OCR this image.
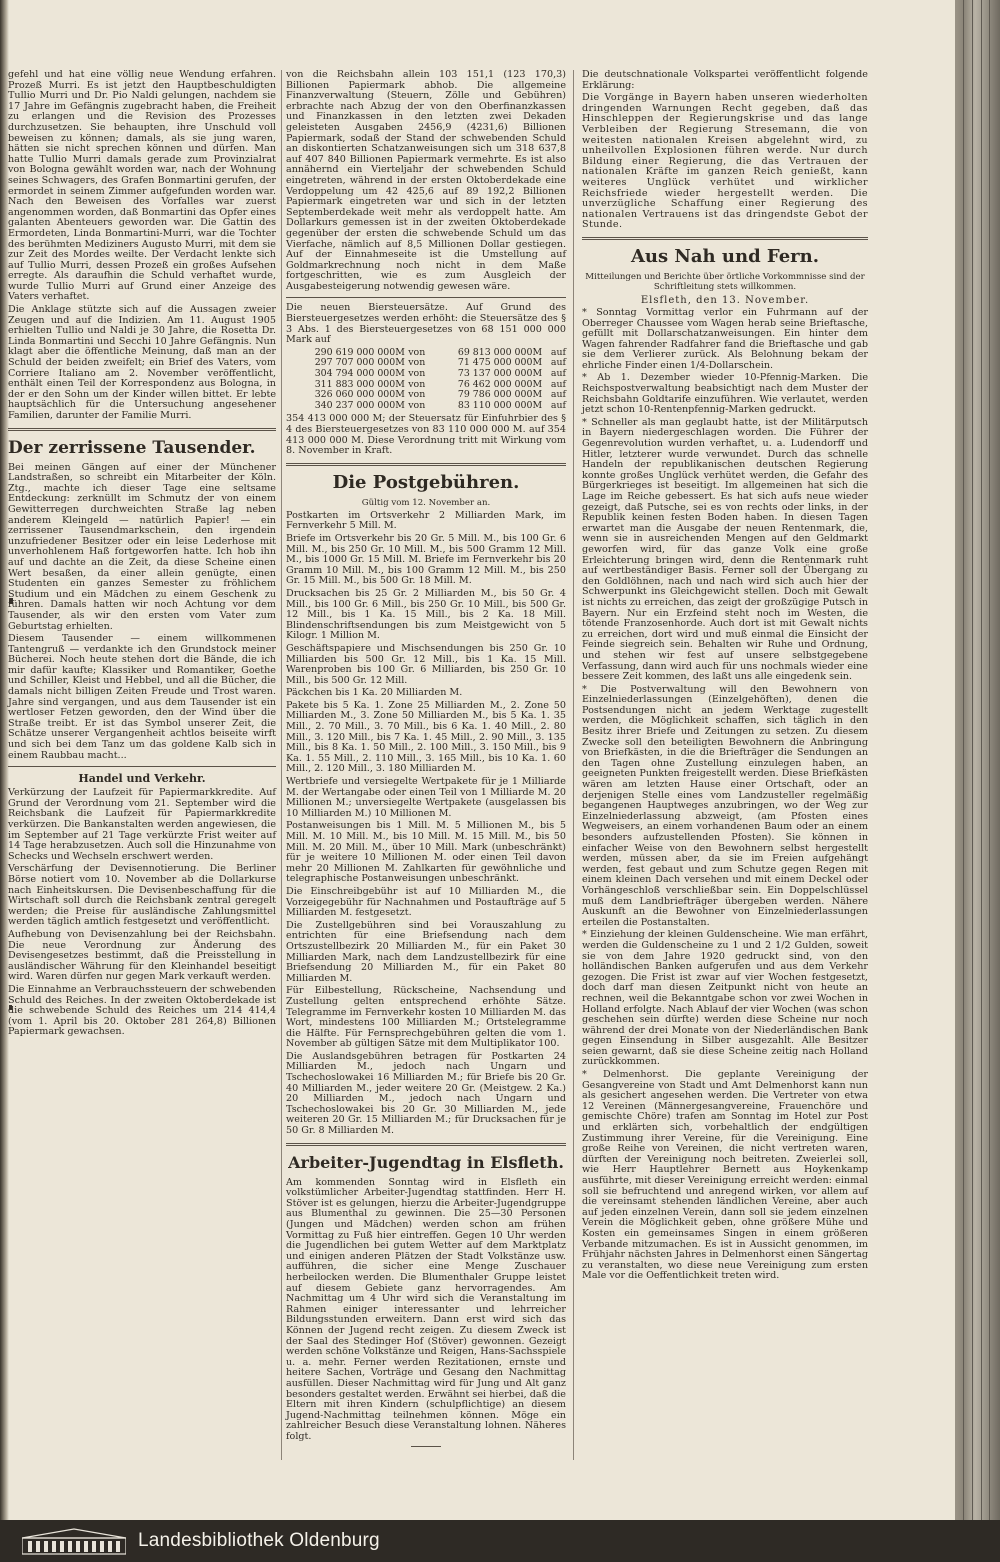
gefehl und hat eine völlig neue Wendung erfahren. Prozeß Murri. Es ist jetzt den Hauptbeschuldigten Tullio Murri und Dr. Pio Naldi gelungen, nachdem sie 17 Jahre im Gefängnis zugebracht haben, die Freiheit zu erlangen und die Revision des Prozesses durchzusetzen. Sie behaupten, ihre Unschuld voll beweisen zu können; damals, als sie jung waren, hätten sie nicht sprechen können und dürfen. Man hatte Tullio Murri damals gerade zum Provinzialrat von Bologna gewählt worden war, nach der Wohnung seines Schwagers, des Grafen Bonmartini gerufen, der ermordet in seinem Zimmer aufgefunden worden war. Nach den Beweisen des Vorfalles war zuerst angenommen worden, daß Bonmartini das Opfer eines galanten Abenteuers geworden war. Die Gattin des Ermordeten, Linda Bonmartini-Murri, war die Tochter des berühmten Mediziners Augusto Murri, mit dem sie zur Zeit des Mordes weilte. Der Verdacht lenkte sich auf Tullio Murri, dessen Prozeß ein großes Aufsehen erregte. Als daraufhin die Schuld verhaftet wurde, wurde Tullio Murri auf Grund einer Anzeige des Vaters verhaftet.

Die Anklage stützte sich auf die Aussagen zweier Zeugen und auf die Indizien. Am 11. August 1905 erhielten Tullio und Naldi je 30 Jahre, die Rosetta Dr. Linda Bonmartini und Secchi 10 Jahre Gefängnis. Nun klagt aber die öffentliche Meinung, daß man an der Schuld der beiden zweifelt; ein Brief des Vaters, vom Corriere Italiano am 2. November veröffentlicht, enthält einen Teil der Korrespondenz aus Bologna, in der er den Sohn um der Kinder willen bittet. Er lebte hauptsächlich für die Untersuchung angesehener Familien, darunter der Familie Murri.

Der zerrissene Tausender.

Bei meinen Gängen auf einer der Münchener Landstraßen, so schreibt ein Mitarbeiter der Köln. Ztg., machte ich dieser Tage eine seltsame Entdeckung: zerknüllt im Schmutz der von einem Gewitterregen durchweichten Straße lag neben anderem Kleingeld — natürlich Papier! — ein zerrissener Tausendmarkschein, den irgendein unzufriedener Besitzer oder ein leise Lederhose mit unverhohlenem Haß fortgeworfen hatte. Ich hob ihn auf und dachte an die Zeit, da diese Scheine einen Wert besaßen, da einer allein genügte, einen Studenten ein ganzes Semester zu fröhlichem Studium und ein Mädchen zu einem Geschenk zu führen. Damals hatten wir noch Achtung vor dem Tausender, als wir den ersten vom Vater zum Geburtstag erhielten.

Diesem Tausender — einem willkommenen Tantengruß — verdankte ich den Grundstock meiner Bücherei. Noch heute stehen dort die Bände, die ich mir dafür kaufte; Klassiker und Romantiker, Goethe und Schiller, Kleist und Hebbel, und all die Bücher, die damals nicht billigen Zeiten Freude und Trost waren. Jahre sind vergangen, und aus dem Tausender ist ein wertloser Fetzen geworden, den der Wind über die Straße treibt. Er ist das Symbol unserer Zeit, die Schätze unserer Vergangenheit achtlos beiseite wirft und sich bei dem Tanz um das goldene Kalb sich in einem Raubbau macht...

Handel und Verkehr.

Verkürzung der Laufzeit für Papiermarkkredite. Auf Grund der Verordnung vom 21. September wird die Reichsbank die Laufzeit für Papiermarkkredite verkürzen. Die Bankanstalten werden angewiesen, die im September auf 21 Tage verkürzte Frist weiter auf 14 Tage herabzusetzen. Auch soll die Hinzunahme von Schecks und Wechseln erschwert werden.

Verschärfung der Devisennotierung. Die Berliner Börse notiert vom 10. November ab die Dollarkurse nach Einheitskursen. Die Devisenbeschaffung für die Wirtschaft soll durch die Reichsbank zentral geregelt werden; die Preise für ausländische Zahlungsmittel werden täglich amtlich festgesetzt und veröffentlicht.

Aufhebung von Devisenzahlung bei der Reichsbahn. Die neue Verordnung zur Änderung des Devisengesetzes bestimmt, daß die Preisstellung in ausländischer Währung für den Kleinhandel beseitigt wird. Waren dürfen nur gegen Mark verkauft werden.

Die Einnahme an Verbrauchssteuern der schwebenden Schuld des Reiches. In der zweiten Oktoberdekade ist die schwebende Schuld des Reiches um 214 414,4 (vom 1. April bis 20. Oktober 281 264,8) Billionen Papiermark gewachsen.

von die Reichsbahn allein 103 151,1 (123 170,3) Billionen Papiermark abhob. Die allgemeine Finanzverwaltung (Steuern, Zölle und Gebühren) erbrachte nach Abzug der von den Oberfinanzkassen und Finanzkassen in den letzten zwei Dekaden geleisteten Ausgaben 2456,9 (4231,6) Billionen Papiermark, sodaß der Stand der schwebenden Schuld an diskontierten Schatzanweisungen sich um 318 637,8 auf 407 840 Billionen Papiermark vermehrte. Es ist also annähernd ein Vierteljahr der schwebenden Schuld eingetreten, während in der ersten Oktoberdekade eine Verdoppelung um 42 425,6 auf 89 192,2 Billionen Papiermark eingetreten war und sich in der letzten Septemberdekade weit mehr als verdoppelt hatte. Am Dollarkurs gemessen ist in der zweiten Oktoberdekade gegenüber der ersten die schwebende Schuld um das Vierfache, nämlich auf 8,5 Millionen Dollar gestiegen. Auf der Einnahmeseite ist die Umstellung auf Goldmarkrechnung noch nicht in dem Maße fortgeschritten, wie es zum Ausgleich der Ausgabesteigerung notwendig gewesen wäre.

Die neuen Biersteuersätze. Auf Grund des Biersteuergesetzes werden erhöht: die Steuersätze des § 3 Abs. 1 des Biersteuergesetzes von 68 151 000 000 Mark auf

290 619 000 000	M	von	69 813 000 000	M	auf
297 707 000 000	M	von	71 475 000 000	M	auf
304 794 000 000	M	von	73 137 000 000	M	auf
311 883 000 000	M	von	76 462 000 000	M	auf
326 060 000 000	M	von	79 786 000 000	M	auf
340 237 000 000	M	von	83 110 000 000	M	auf

354 413 000 000 M; der Steuersatz für Einfuhrbier des § 4 des Biersteuergesetzes von 83 110 000 000 M. auf 354 413 000 000 M. Diese Verordnung tritt mit Wirkung vom 8. November in Kraft.

Die Postgebühren.
Gültig vom 12. November an.

Postkarten im Ortsverkehr 2 Milliarden Mark, im Fernverkehr 5 Mill. M.

Briefe im Ortsverkehr bis 20 Gr. 5 Mill. M., bis 100 Gr. 6 Mill. M., bis 250 Gr. 10 Mill. M., bis 500 Gramm 12 Mill. M., bis 1000 Gr. 15 Mill. M. Briefe im Fernverkehr bis 20 Gramm 10 Mill. M., bis 100 Gramm 12 Mill. M., bis 250 Gr. 15 Mill. M., bis 500 Gr. 18 Mill. M.

Drucksachen bis 25 Gr. 2 Milliarden M., bis 50 Gr. 4 Mill., bis 100 Gr. 6 Mill., bis 250 Gr. 10 Mill., bis 500 Gr. 12 Mill., bis 1 Ka. 15 Mill., bis 2 Ka. 18 Mill. Blindenschriftsendungen bis zum Meistgewicht von 5 Kilogr. 1 Million M.

Geschäftspapiere und Mischsendungen bis 250 Gr. 10 Milliarden bis 500 Gr. 12 Mill., bis 1 Ka. 15 Mill. Warenproben bis 100 Gr. 6 Milliarden, bis 250 Gr. 10 Mill., bis 500 Gr. 12 Mill.

Päckchen bis 1 Ka. 20 Milliarden M.

Pakete bis 5 Ka. 1. Zone 25 Milliarden M., 2. Zone 50 Milliarden M., 3. Zone 50 Milliarden M., bis 5 Ka. 1. 35 Mill., 2. 70 Mill., 3. 70 Mill., bis 6 Ka. 1. 40 Mill., 2. 80 Mill., 3. 120 Mill., bis 7 Ka. 1. 45 Mill., 2. 90 Mill., 3. 135 Mill., bis 8 Ka. 1. 50 Mill., 2. 100 Mill., 3. 150 Mill., bis 9 Ka. 1. 55 Mill., 2. 110 Mill., 3. 165 Mill., bis 10 Ka. 1. 60 Mill., 2. 120 Mill., 3. 180 Milliarden M.

Wertbriefe und versiegelte Wertpakete für je 1 Milliarde M. der Wertangabe oder einen Teil von 1 Milliarde M. 20 Millionen M.; unversiegelte Wertpakete (ausgelassen bis 10 Milliarden M.) 10 Millionen M.

Postanweisungen bis 1 Mill. M. 5 Millionen M., bis 5 Mill. M. 10 Mill. M., bis 10 Mill. M. 15 Mill. M., bis 50 Mill. M. 20 Mill. M., über 10 Mill. Mark (unbeschränkt) für je weitere 10 Millionen M. oder einen Teil davon mehr 20 Millionen M. Zahlkarten für gewöhnliche und telegraphische Postanweisungen unbeschränkt.

Die Einschreibgebühr ist auf 10 Milliarden M., die Vorzeigegebühr für Nachnahmen und Postaufträge auf 5 Milliarden M. festgesetzt.

Die Zustellgebühren sind bei Vorauszahlung zu entrichten für eine Briefsendung nach dem Ortszustellbezirk 20 Milliarden M., für ein Paket 30 Milliarden Mark, nach dem Landzustellbezirk für eine Briefsendung 20 Milliarden M., für ein Paket 80 Milliarden M.

Für Eilbestellung, Rückscheine, Nachsendung und Zustellung gelten entsprechend erhöhte Sätze. Telegramme im Fernverkehr kosten 10 Milliarden M. das Wort, mindestens 100 Milliarden M.; Ortstelegramme die Hälfte. Für Fernsprechgebühren gelten die vom 1. November ab gültigen Sätze mit dem Multiplikator 100.

Die Auslandsgebühren betragen für Postkarten 24 Milliarden M., jedoch nach Ungarn und Tschechoslowakei 16 Milliarden M.; für Briefe bis 20 Gr. 40 Milliarden M., jeder weitere 20 Gr. (Meistgew. 2 Ka.) 20 Milliarden M., jedoch nach Ungarn und Tschechoslowakei bis 20 Gr. 30 Milliarden M., jede weiteren 20 Gr. 15 Milliarden M.; für Drucksachen für je 50 Gr. 8 Milliarden M.

Arbeiter-Jugendtag in Elsfleth.

Am kommenden Sonntag wird in Elsfleth ein volkstümlicher Arbeiter-Jugendtag stattfinden. Herr H. Stöver ist es gelungen, hierzu die Arbeiter-Jugendgruppe aus Blumenthal zu gewinnen. Die 25—30 Personen (Jungen und Mädchen) werden schon am frühen Vormittag zu Fuß hier eintreffen. Gegen 10 Uhr werden die Jugendlichen bei gutem Wetter auf dem Marktplatz und einigen anderen Plätzen der Stadt Volkstänze usw. aufführen, die sicher eine Menge Zuschauer herbeilocken werden. Die Blumenthaler Gruppe leistet auf diesem Gebiete ganz hervorragendes. Am Nachmittag um 4 Uhr wird sich die Veranstaltung im Rahmen einiger interessanter und lehrreicher Bildungsstunden erweitern. Dann erst wird sich das Können der Jugend recht zeigen. Zu diesem Zweck ist der Saal des Stedinger Hof (Stöver) gewonnen. Gezeigt werden schöne Volkstänze und Reigen, Hans-Sachsspiele u. a. mehr. Ferner werden Rezitationen, ernste und heitere Sachen, Vorträge und Gesang den Nachmittag ausfüllen. Dieser Nachmittag wird für Jung und Alt ganz besonders gestaltet werden. Erwähnt sei hierbei, daß die Eltern mit ihren Kindern (schulpflichtige) an diesem Jugend-Nachmittag teilnehmen können. Möge ein zahlreicher Besuch diese Veranstaltung lohnen. Näheres folgt.

Die deutschnationale Volkspartei veröffentlicht folgende Erklärung:

Die Vorgänge in Bayern haben unseren wiederholten dringenden Warnungen Recht gegeben, daß das Hinschleppen der Regierungskrise und das lange Verbleiben der Regierung Stresemann, die von weitesten nationalen Kreisen abgelehnt wird, zu unheilvollen Explosionen führen werde. Nur durch Bildung einer Regierung, die das Vertrauen der nationalen Kräfte im ganzen Reich genießt, kann weiteres Unglück verhütet und wirklicher Reichsfriede wieder hergestellt werden. Die unverzügliche Schaffung einer Regierung des nationalen Vertrauens ist das dringendste Gebot der Stunde.

Aus Nah und Fern.
Mitteilungen und Berichte über örtliche Vorkommnisse sind der Schriftleitung stets willkommen.
Elsfleth, den 13. November.

* Sonntag Vormittag verlor ein Fuhrmann auf der Oberreger Chaussee vom Wagen herab seine Brieftasche, gefüllt mit Dollarschatzanweisungen. Ein hinter dem Wagen fahrender Radfahrer fand die Brieftasche und gab sie dem Verlierer zurück. Als Belohnung bekam der ehrliche Finder einen 1/4-Dollarschein.

* Ab 1. Dezember wieder 10-Pfennig-Marken. Die Reichspostverwaltung beabsichtigt nach dem Muster der Reichsbahn Goldtarife einzuführen. Wie verlautet, werden jetzt schon 10-Rentenpfennig-Marken gedruckt.

* Schneller als man geglaubt hatte, ist der Militärputsch in Bayern niedergeschlagen worden. Die Führer der Gegenrevolution wurden verhaftet, u. a. Ludendorff und Hitler, letzterer wurde verwundet. Durch das schnelle Handeln der republikanischen deutschen Regierung konnte großes Unglück verhütet werden, die Gefahr des Bürgerkrieges ist beseitigt. Im allgemeinen hat sich die Lage im Reiche gebessert. Es hat sich aufs neue wieder gezeigt, daß Putsche, sei es von rechts oder links, in der Republik keinen festen Boden haben. In diesen Tagen erwartet man die Ausgabe der neuen Rentenmark, die, wenn sie in ausreichenden Mengen auf den Geldmarkt geworfen wird, für das ganze Volk eine große Erleichterung bringen wird, denn die Rentenmark ruht auf wertbeständiger Basis. Ferner soll der Übergang zu den Goldlöhnen, nach und nach wird sich auch hier der Schwerpunkt ins Gleichgewicht stellen. Doch mit Gewalt ist nichts zu erreichen, das zeigt der großzügige Putsch in Bayern. Nur ein Erzfeind steht noch im Westen, die tötende Franzosenhorde. Auch dort ist mit Gewalt nichts zu erreichen, dort wird und muß einmal die Einsicht der Feinde siegreich sein. Behalten wir Ruhe und Ordnung, und stehen wir fest auf unsere selbstgegebene Verfassung, dann wird auch für uns nochmals wieder eine bessere Zeit kommen, des laßt uns alle eingedenk sein.

* Die Postverwaltung will den Bewohnern von Einzelniederlassungen (Einzelgehöften), denen die Postsendungen nicht an jedem Werktage zugestellt werden, die Möglichkeit schaffen, sich täglich in den Besitz ihrer Briefe und Zeitungen zu setzen. Zu diesem Zwecke soll den beteiligten Bewohnern die Anbringung von Briefkästen, in die die Briefträger die Sendungen an den Tagen ohne Zustellung einzulegen haben, an geeigneten Punkten freigestellt werden. Diese Briefkästen wären am letzten Hause einer Ortschaft, oder an derjenigen Stelle eines vom Landzusteller regelmäßig begangenen Hauptweges anzubringen, wo der Weg zur Einzelniederlassung abzweigt, (am Pfosten eines Wegweisers, an einem vorhandenen Baum oder an einem besonders aufzustellenden Pfosten). Sie können in einfacher Weise von den Bewohnern selbst hergestellt werden, müssen aber, da sie im Freien aufgehängt werden, fest gebaut und zum Schutze gegen Regen mit einem kleinen Dach versehen und mit einem Deckel oder Vorhängeschloß verschließbar sein. Ein Doppelschlüssel muß dem Landbriefträger übergeben werden. Nähere Auskunft an die Bewohner von Einzelniederlassungen erteilen die Postanstalten.

* Einziehung der kleinen Guldenscheine. Wie man erfährt, werden die Guldenscheine zu 1 und 2 1/2 Gulden, soweit sie von dem Jahre 1920 gedruckt sind, von den holländischen Banken aufgerufen und aus dem Verkehr gezogen. Die Frist ist zwar auf vier Wochen festgesetzt, doch darf man diesen Zeitpunkt nicht von heute an rechnen, weil die Bekanntgabe schon vor zwei Wochen in Holland erfolgte. Nach Ablauf der vier Wochen (was schon geschehen sein dürfte) werden diese Scheine nur noch während der drei Monate von der Niederländischen Bank gegen Einsendung in Silber ausgezahlt. Alle Besitzer seien gewarnt, daß sie diese Scheine zeitig nach Holland zurückkommen.

* Delmenhorst. Die geplante Vereinigung der Gesangvereine von Stadt und Amt Delmenhorst kann nun als gesichert angesehen werden. Die Vertreter von etwa 12 Vereinen (Männergesangvereine, Frauenchöre und gemischte Chöre) trafen am Sonntag im Hotel zur Post und erklärten sich, vorbehaltlich der endgültigen Zustimmung ihrer Vereine, für die Vereinigung. Eine große Reihe von Vereinen, die nicht vertreten waren, dürften der Vereinigung noch beitreten. Zweierlei soll, wie Herr Hauptlehrer Bernett aus Hoykenkamp ausführte, mit dieser Vereinigung erreicht werden: einmal soll sie befruchtend und anregend wirken, vor allem auf die vereinsamt stehenden ländlichen Vereine, aber auch auf jeden einzelnen Verein, dann soll sie jedem einzelnen Verein die Möglichkeit geben, ohne größere Mühe und Kosten ein gemeinsames Singen in einem größeren Verbande mitzumachen. Es ist in Aussicht genommen, im Frühjahr nächsten Jahres in Delmenhorst einen Sängertag zu veranstalten, wo diese neue Vereinigung zum ersten Male vor die Oeffentlichkeit treten wird.

Landesbibliothek Oldenburg
